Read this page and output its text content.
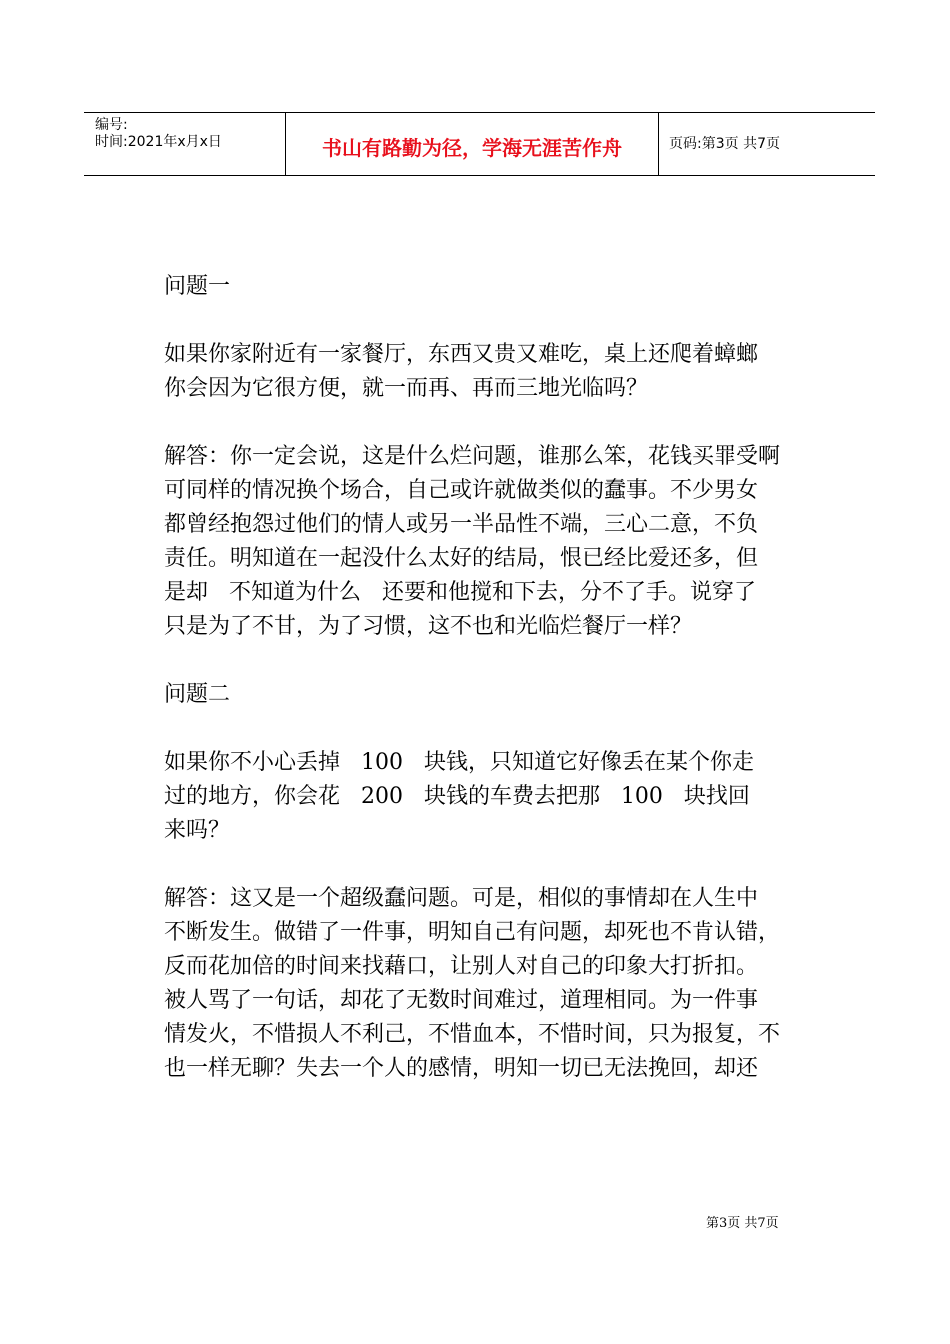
编号:
时间:2021年x月x日	书山有路勤为径，学海无涯苦作舟	页码:第3页 共7页

问题一

如果你家附近有一家餐厅，东西又贵又难吃，桌上还爬着蟑螂

你会因为它很方便，就一而再、再而三地光临吗？

解答：你一定会说，这是什么烂问题，谁那么笨，花钱买罪受啊

可同样的情况换个场合，自己或许就做类似的蠢事。不少男女

都曾经抱怨过他们的情人或另一半品性不端，三心二意，不负

责任。明知道在一起没什么太好的结局，恨已经比爱还多，但

是却   不知道为什么   还要和他搅和下去，分不了手。说穿了

只是为了不甘，为了习惯，这不也和光临烂餐厅一样？

问题二

如果你不小心丢掉   100   块钱，只知道它好像丢在某个你走

过的地方，你会花   200   块钱的车费去把那   100   块找回

来吗？

解答：这又是一个超级蠢问题。可是，相似的事情却在人生中

不断发生。做错了一件事，明知自己有问题，却死也不肯认错，

反而花加倍的时间来找藉口，让别人对自己的印象大打折扣。

被人骂了一句话，却花了无数时间难过，道理相同。为一件事

情发火，不惜损人不利己，不惜血本，不惜时间，只为报复，不

也一样无聊？失去一个人的感情，明知一切已无法挽回，却还

第3页 共7页
